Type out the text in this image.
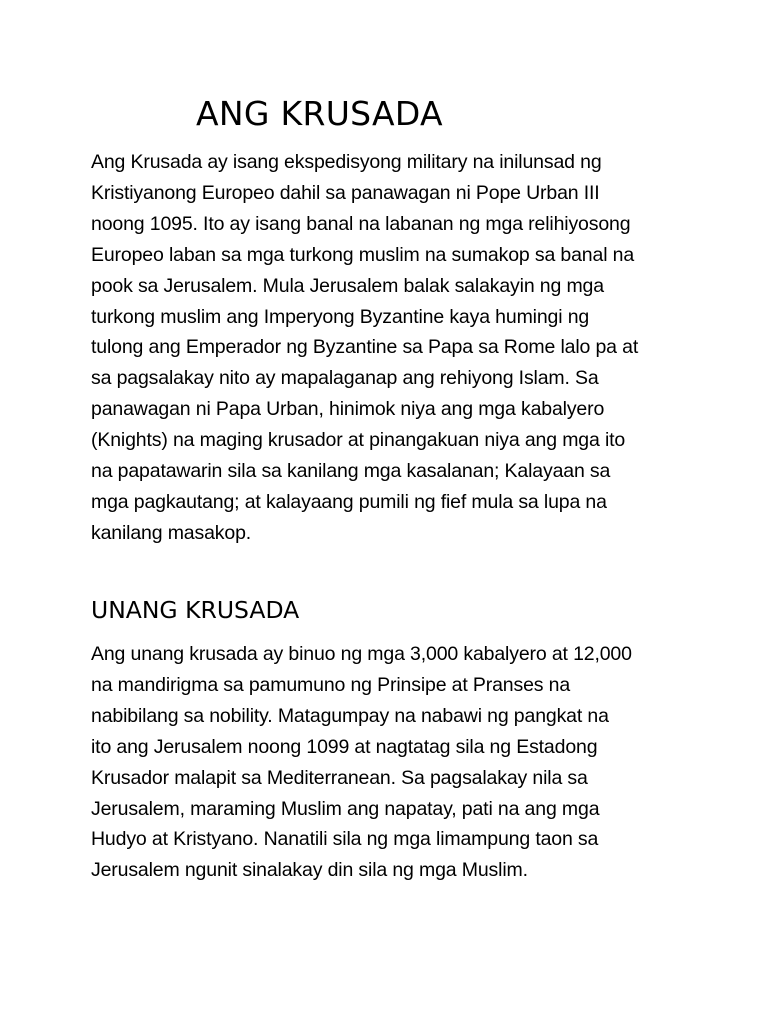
ANG KRUSADA
Ang Krusada ay isang ekspedisyong military na inilunsad ng
Kristiyanong Europeo dahil sa panawagan ni Pope Urban III
noong 1095. Ito ay isang banal na labanan ng mga relihiyosong
Europeo laban sa mga turkong muslim na sumakop sa banal na
pook sa Jerusalem. Mula Jerusalem balak salakayin ng mga
turkong muslim ang Imperyong Byzantine kaya humingi ng
tulong ang Emperador ng Byzantine sa Papa sa Rome lalo pa at
sa pagsalakay nito ay mapalaganap ang rehiyong Islam. Sa
panawagan ni Papa Urban, hinimok niya ang mga kabalyero
(Knights) na maging krusador at pinangakuan niya ang mga ito
na papatawarin sila sa kanilang mga kasalanan; Kalayaan sa
mga pagkautang; at kalayaang pumili ng fief mula sa lupa na
kanilang masakop.
UNANG KRUSADA
Ang unang krusada ay binuo ng mga 3,000 kabalyero at 12,000
na mandirigma sa pamumuno ng Prinsipe at Pranses na
nabibilang sa nobility. Matagumpay na nabawi ng pangkat na
ito ang Jerusalem noong 1099 at nagtatag sila ng Estadong
Krusador malapit sa Mediterranean. Sa pagsalakay nila sa
Jerusalem, maraming Muslim ang napatay, pati na ang mga
Hudyo at Kristyano. Nanatili sila ng mga limampung taon sa
Jerusalem ngunit sinalakay din sila ng mga Muslim.
